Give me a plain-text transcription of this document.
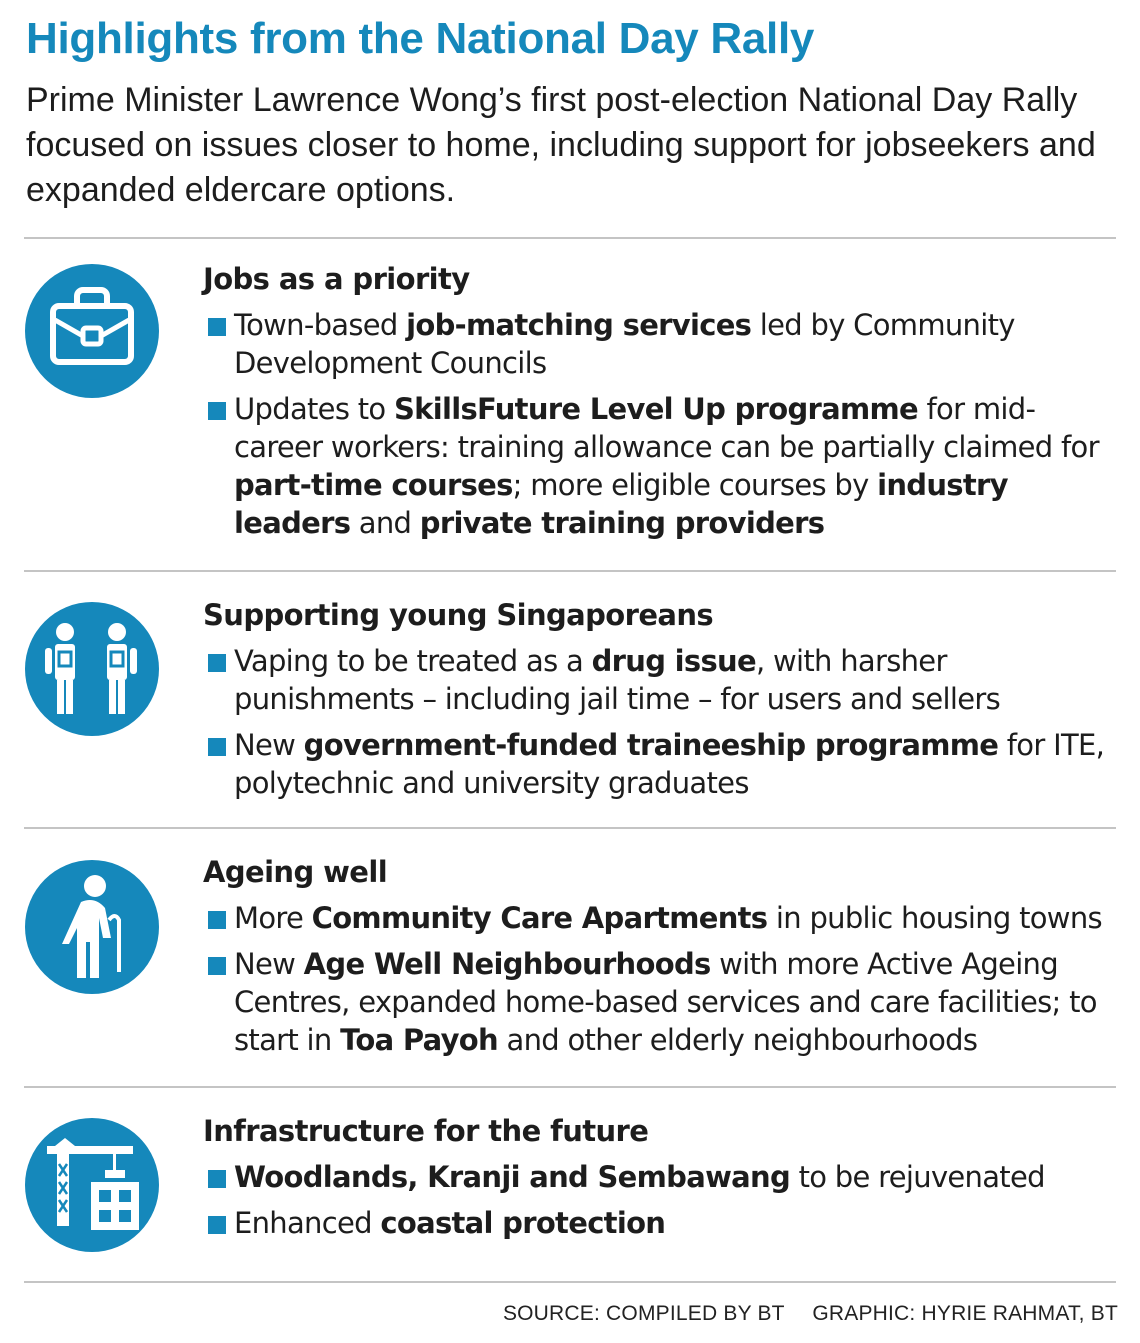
Highlights from the National Day Rally
Prime Minister Lawrence Wong’s first post-election National Day Rally focused on issues closer to home, including support for jobseekers and expanded eldercare options.
Jobs as a priority
Town-based job-matching services led by Community Development Councils
Updates to SkillsFuture Level Up programme for mid-career workers: training allowance can be partially claimed for part-time courses; more eligible courses by industry leaders and private training providers
Supporting young Singaporeans
Vaping to be treated as a drug issue, with harsher punishments – including jail time – for users and sellers
New government-funded traineeship programme for ITE, polytechnic and university graduates
Ageing well
More Community Care Apartments in public housing towns
New Age Well Neighbourhoods with more Active Ageing Centres, expanded home-based services and care facilities; to start in Toa Payoh and other elderly neighbourhoods
Infrastructure for the future
Woodlands, Kranji and Sembawang to be rejuvenated
Enhanced coastal protection
SOURCE: COMPILED BY BT GRAPHIC: HYRIE RAHMAT, BT
